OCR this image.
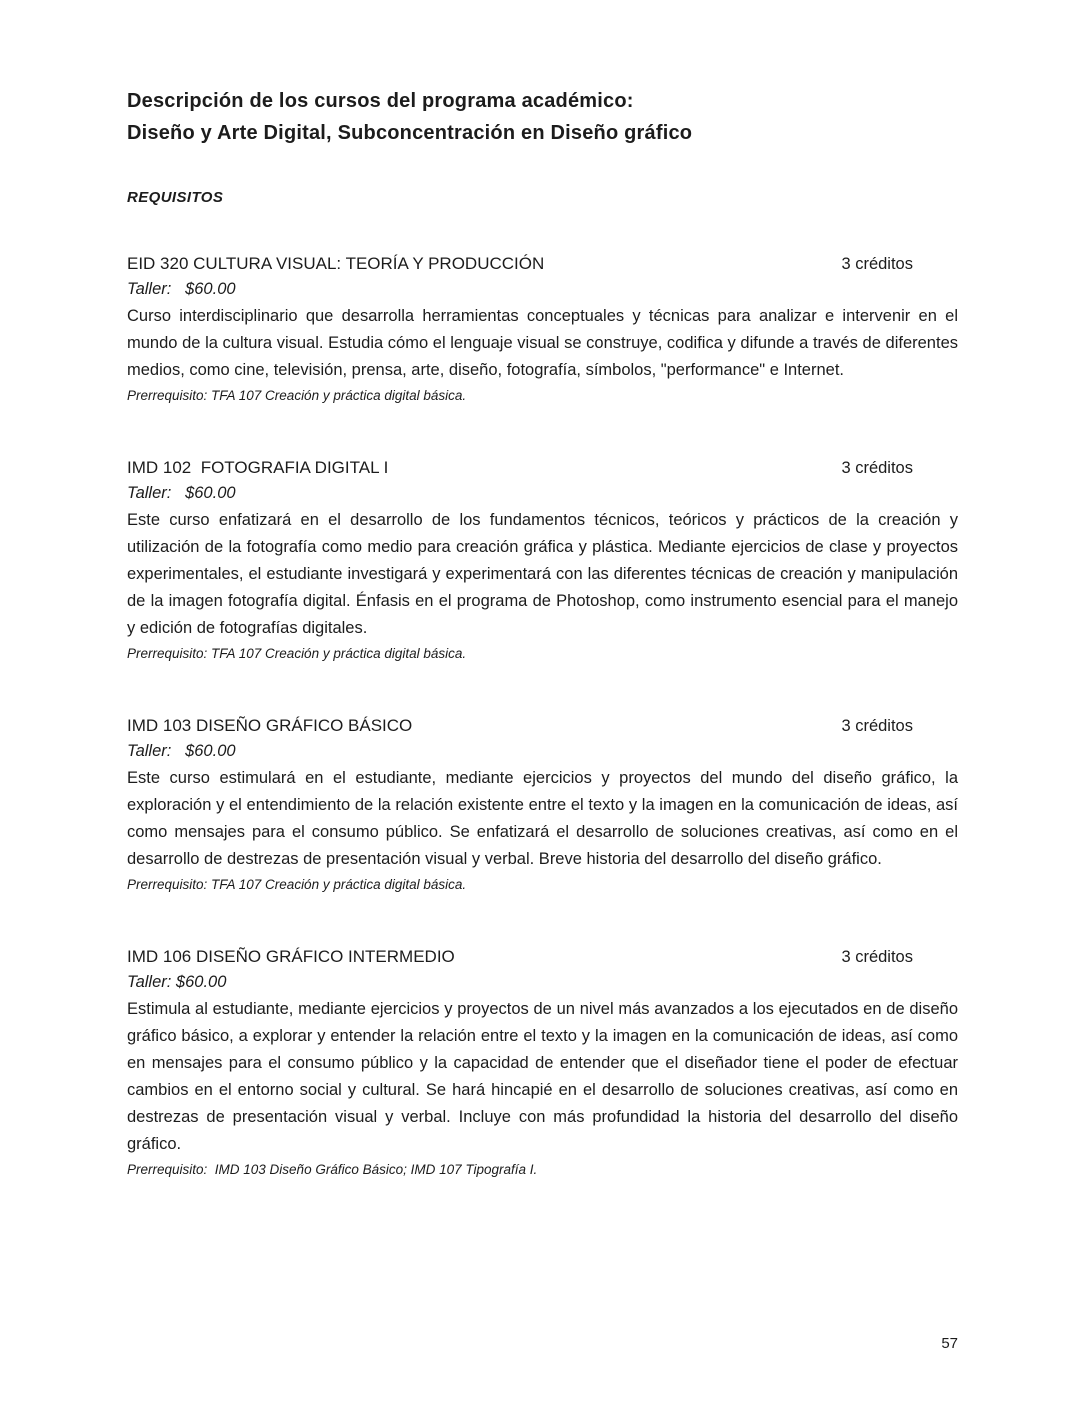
Descripción de los cursos del programa académico:
Diseño y Arte Digital, Subconcentración en Diseño gráfico
REQUISITOS
EID 320 CULTURA VISUAL: TEORÍA Y PRODUCCIÓN	3 créditos
Taller:   $60.00

Curso interdisciplinario que desarrolla herramientas conceptuales y técnicas para analizar e intervenir en el mundo de la cultura visual. Estudia cómo el lenguaje visual se construye, codifica y difunde a través de diferentes medios, como cine, televisión, prensa, arte, diseño, fotografía, símbolos, "performance" e Internet.

Prerrequisito: TFA 107 Creación y práctica digital básica.
IMD 102  FOTOGRAFIA DIGITAL I	3 créditos
Taller:   $60.00

Este curso enfatizará en el desarrollo de los fundamentos técnicos, teóricos y prácticos de la creación y utilización de la fotografía como medio para creación gráfica y plástica. Mediante ejercicios de clase y proyectos experimentales, el estudiante investigará y experimentará con las diferentes técnicas de creación y manipulación de la imagen fotografía digital. Énfasis en el programa de Photoshop, como instrumento esencial para el manejo y edición de fotografías digitales.

Prerrequisito: TFA 107 Creación y práctica digital básica.
IMD 103 DISEÑO GRÁFICO BÁSICO	3 créditos
Taller:   $60.00

Este curso estimulará en el estudiante, mediante ejercicios y proyectos del mundo del diseño gráfico, la exploración y el entendimiento de la relación existente entre el texto y la imagen en la comunicación de ideas, así como mensajes para el consumo público. Se enfatizará el desarrollo de soluciones creativas, así como en el desarrollo de destrezas de presentación visual y verbal. Breve historia del desarrollo del diseño gráfico.

Prerrequisito: TFA 107 Creación y práctica digital básica.
IMD 106 DISEÑO GRÁFICO INTERMEDIO	3 créditos
Taller: $60.00

Estimula al estudiante, mediante ejercicios y proyectos de un nivel más avanzados a los ejecutados en de diseño gráfico básico, a explorar y entender la relación entre el texto y la imagen en la comunicación de ideas, así como en mensajes para el consumo público y la capacidad de entender que el diseñador tiene el poder de efectuar cambios en el entorno social y cultural. Se hará hincapié en el desarrollo de soluciones creativas, así como en destrezas de presentación visual y verbal. Incluye con más profundidad la historia del desarrollo del diseño gráfico.

Prerrequisito:  IMD 103 Diseño Gráfico Básico; IMD 107 Tipografía I.
57
